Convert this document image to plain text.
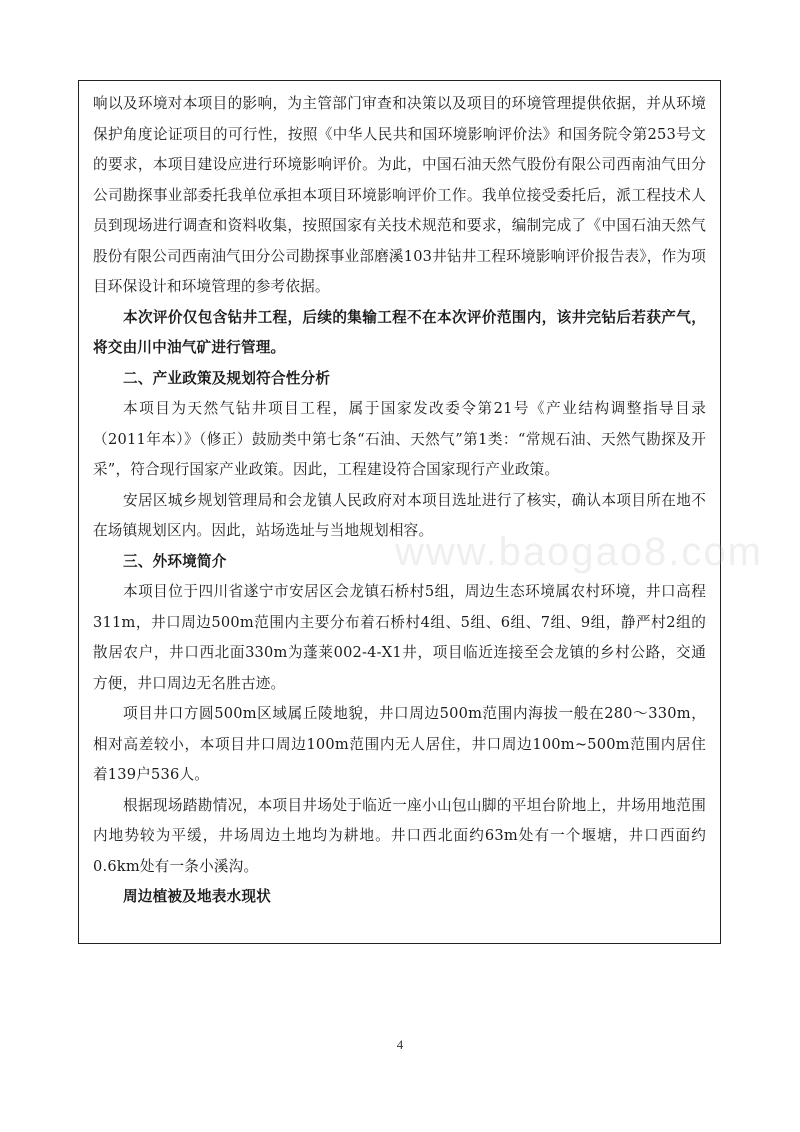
响以及环境对本项目的影响，为主管部门审查和决策以及项目的环境管理提供依据，并从环境保护角度论证项目的可行性，按照《中华人民共和国环境影响评价法》和国务院令第253号文的要求，本项目建设应进行环境影响评价。为此，中国石油天然气股份有限公司西南油气田分公司勘探事业部委托我单位承担本项目环境影响评价工作。我单位接受委托后，派工程技术人员到现场进行调查和资料收集，按照国家有关技术规范和要求，编制完成了《中国石油天然气股份有限公司西南油气田分公司勘探事业部磨溪103井钻井工程环境影响评价报告表》，作为项目环保设计和环境管理的参考依据。

本次评价仅包含钻井工程，后续的集输工程不在本次评价范围内，该井完钻后若获产气，将交由川中油气矿进行管理。

二、产业政策及规划符合性分析

本项目为天然气钻井项目工程，属于国家发改委令第21号《产业结构调整指导目录（2011年本）》（修正）鼓励类中第七条“石油、天然气”第1类：“常规石油、天然气勘探及开采”，符合现行国家产业政策。因此，工程建设符合国家现行产业政策。

安居区城乡规划管理局和会龙镇人民政府对本项目选址进行了核实，确认本项目所在地不在场镇规划区内。因此，站场选址与当地规划相容。

三、外环境简介

本项目位于四川省遂宁市安居区会龙镇石桥村5组，周边生态环境属农村环境，井口高程311m，井口周边500m范围内主要分布着石桥村4组、5组、6组、7组、9组，静严村2组的散居农户，井口西北面330m为蓬莱002-4-X1井，项目临近连接至会龙镇的乡村公路，交通方便，井口周边无名胜古迹。

项目井口方圆500m区域属丘陵地貌，井口周边500m范围内海拔一般在280～330m，相对高差较小，本项目井口周边100m范围内无人居住，井口周边100m~500m范围内居住着139户536人。

根据现场踏勘情况，本项目井场处于临近一座小山包山脚的平坦台阶地上，井场用地范围内地势较为平缓，井场周边土地均为耕地。井口西北面约63m处有一个堰塘，井口西面约0.6km处有一条小溪沟。

周边植被及地表水现状

www.baogao8.com
4
